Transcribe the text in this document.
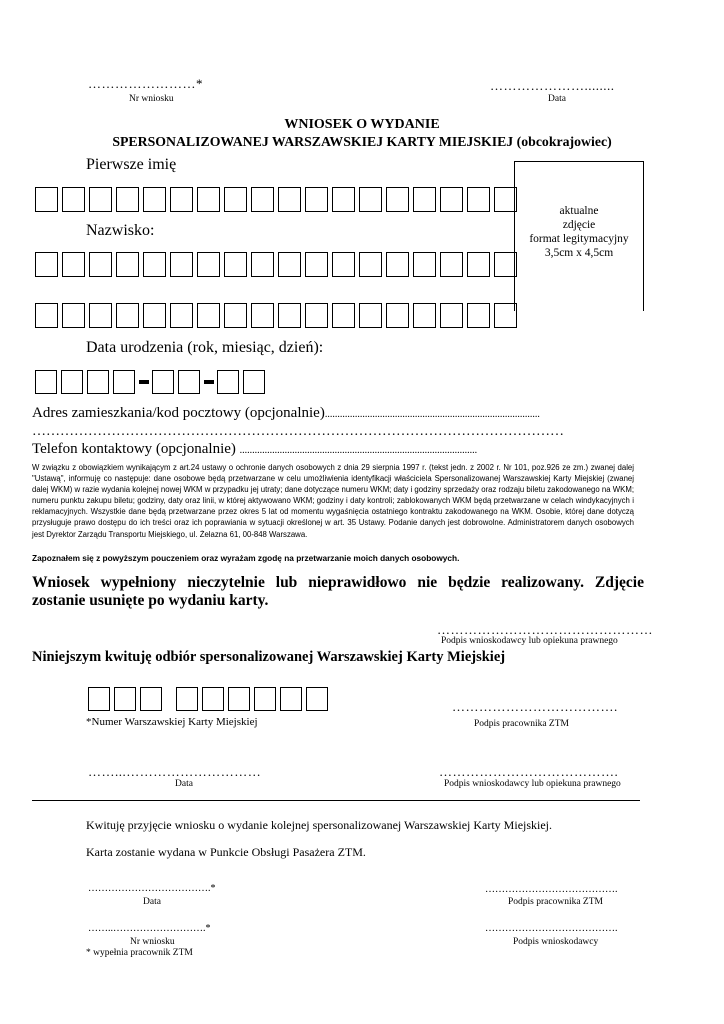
……………………*
Nr wniosku
…………………........
Data
WNIOSEK O WYDANIE
SPERSONALIZOWANEJ WARSZAWSKIEJ KARTY MIEJSKIEJ (obcokrajowiec)
Pierwsze imię
aktualne
zdjęcie
format legitymacyjny
3,5cm x 4,5cm
Nazwisko:
Data urodzenia (rok, miesiąc, dzień):
Adres zamieszkania/kod pocztowy (opcjonalnie)......................................................................................
……………………………………………………………………………………………………
Telefon kontaktowy (opcjonalnie) ...............................................................................................
W związku z obowiązkiem wynikającym z art.24 ustawy o ochronie danych osobowych z dnia 29 sierpnia 1997 r. (tekst jedn. z 2002 r. Nr 101, poz.926 ze zm.) zwanej dalej "Ustawą", informuję co następuje: dane osobowe będą przetwarzane w celu umożliwienia identyfikacji właściciela Spersonalizowanej Warszawskiej Karty Miejskiej (zwanej dalej WKM) w razie wydania kolejnej nowej WKM w przypadku jej utraty; dane dotyczące numeru WKM; daty i godziny sprzedaży oraz rodzaju biletu zakodowanego na WKM; numeru punktu zakupu biletu; godziny, daty oraz linii, w której aktywowano WKM; godziny i daty kontroli; zablokowanych WKM będą przetwarzane w celach windykacyjnych i reklamacyjnych. Wszystkie dane będą przetwarzane przez okres 5 lat od momentu wygaśnięcia ostatniego kontraktu zakodowanego na WKM. Osobie, której dane dotyczą przysługuje prawo dostępu do ich treści oraz ich poprawiania w sytuacji określonej w art. 35 Ustawy. Podanie danych jest dobrowolne. Administratorem danych osobowych jest Dyrektor Zarządu Transportu Miejskiego, ul. Żelazna 61, 00-848 Warszawa.
Zapoznałem się z powyższym pouczeniem oraz wyrażam zgodę na przetwarzanie moich danych osobowych.
Wniosek wypełniony nieczytelnie lub nieprawidłowo nie będzie realizowany. Zdjęcie zostanie usunięte po wydaniu karty.
…………………………………………
Podpis wnioskodawcy lub opiekuna prawnego
Niniejszym kwituję odbiór spersonalizowanej Warszawskiej Karty Miejskiej
*Numer Warszawskiej Karty Miejskiej
……………………………….
Podpis pracownika ZTM
……...…………………………
Data
………………………………….
Podpis wnioskodawcy lub opiekuna prawnego
Kwituję przyjęcie wniosku o wydanie kolejnej spersonalizowanej Warszawskiej Karty Miejskiej.
Karta zostanie wydana w Punkcie Obsługi Pasażera ZTM.
……………………………….*
Data
………………………………….
Podpis pracownika ZTM
……..……………………….*
Nr wniosku
* wypełnia pracownik ZTM
………………………………….
Podpis wnioskodawcy
